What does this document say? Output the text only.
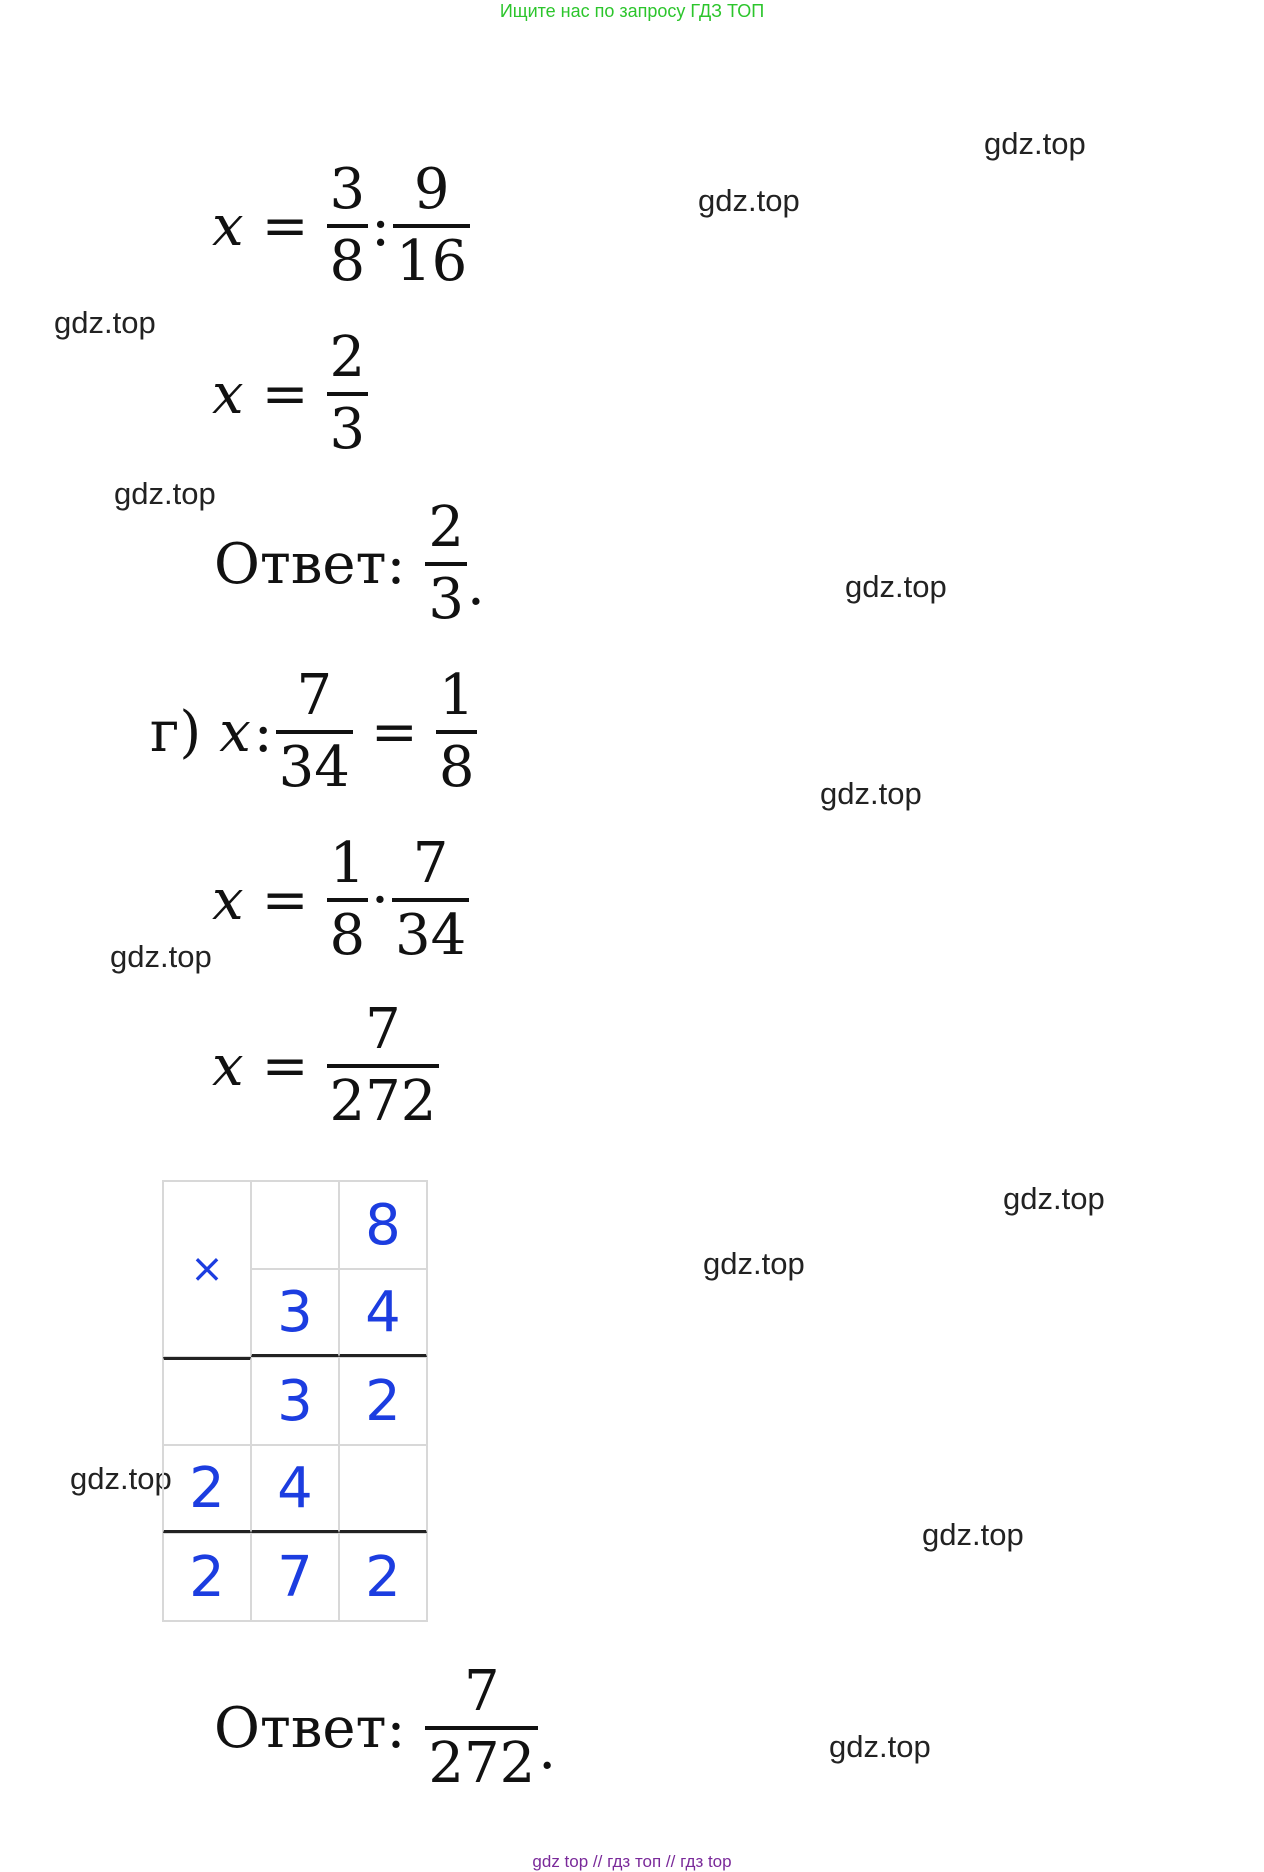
Ищите нас по запросу ГДЗ ТОП
gdz.top
gdz.top
gdz.top
gdz.top
gdz.top
gdz.top
gdz.top
gdz.top
gdz.top
gdz.top
gdz.top
gdz.top
$x = \frac{3}{8}$ : $\frac{9}{16}$
$x = \frac{2}{3}$
Ответ: $\frac{2}{3}$ .
г) x : $\frac{7}{34} = \frac{1}{8}$
$x = \frac{1}{8} \cdot \frac{7}{34}$
$x = \frac{7}{272}$
×
8
3 4
3 2
2 4
2 7 2
Ответ: $\frac{7}{272}$ .
gdz top // гдз топ // гдз top
